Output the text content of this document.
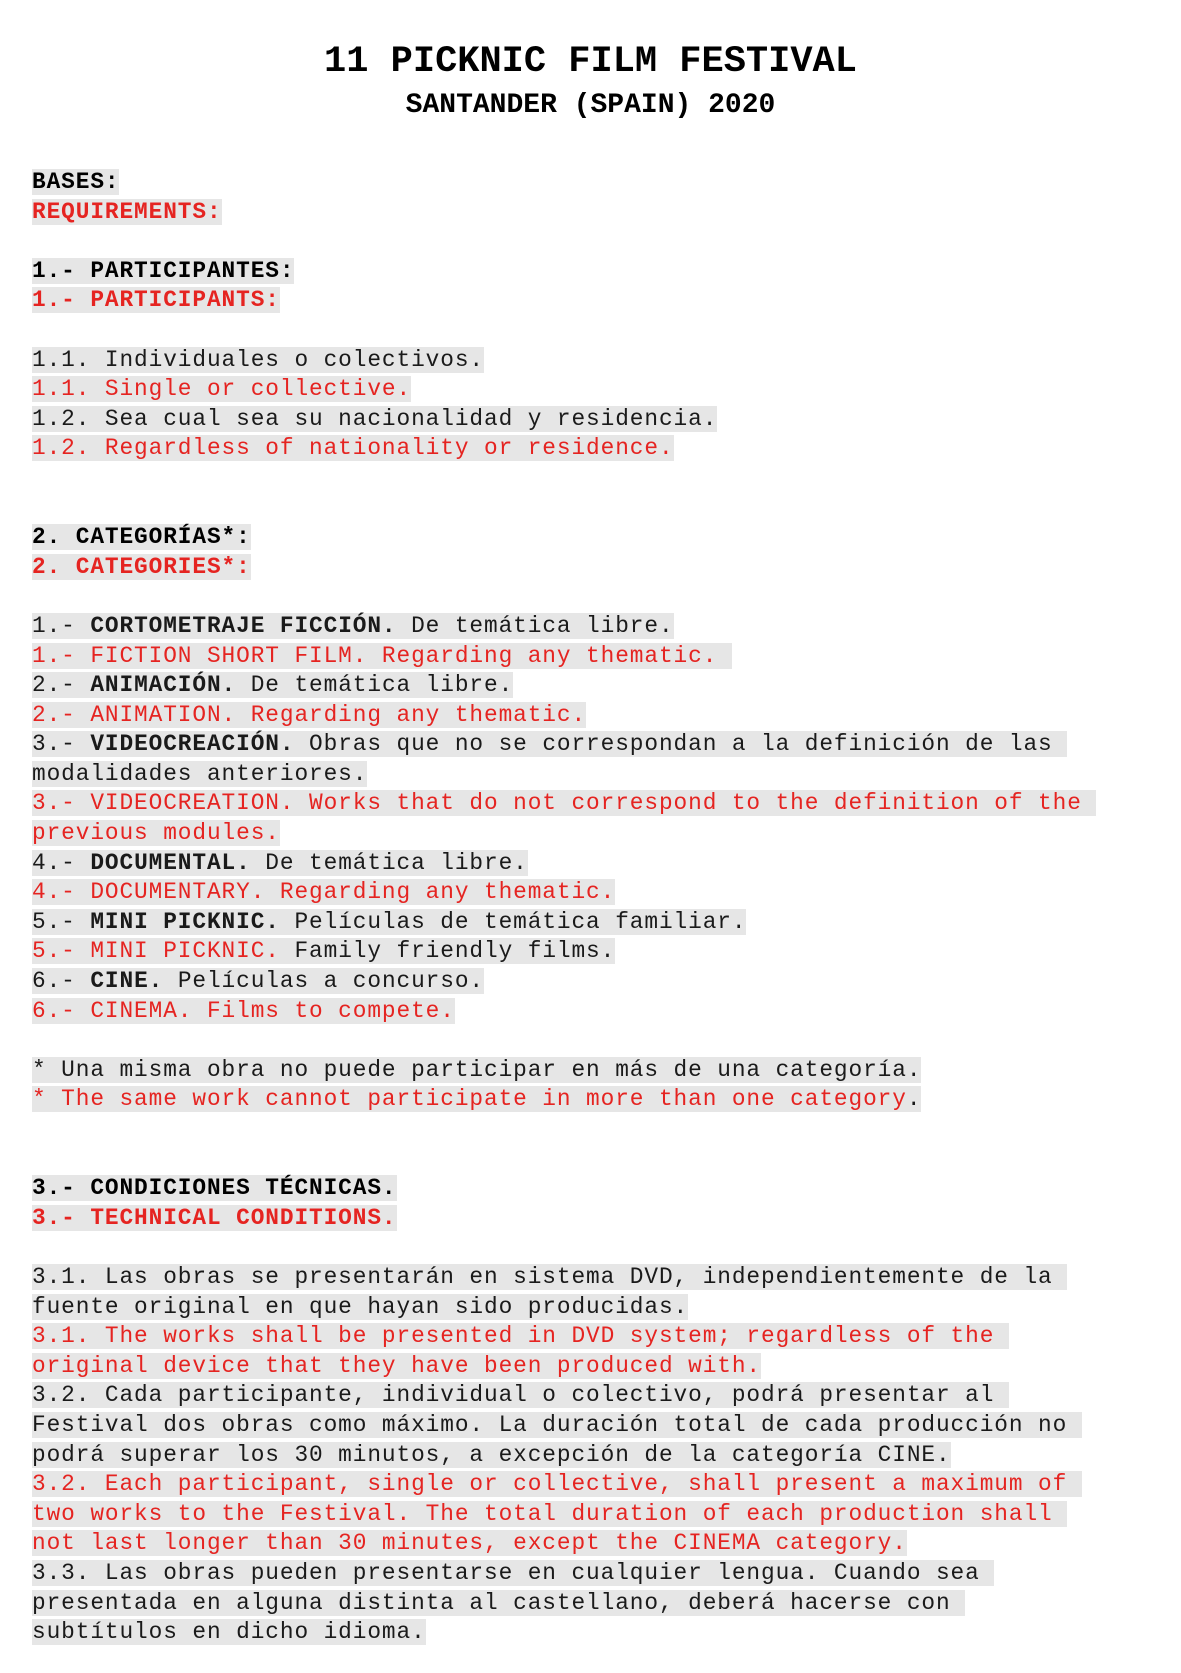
11 PICKNIC FILM FESTIVAL
SANTANDER (SPAIN) 2020
BASES:
REQUIREMENTS:
1.- PARTICIPANTES:
1.- PARTICIPANTS:
1.1. Individuales o colectivos.
1.1. Single or collective.
1.2. Sea cual sea su nacionalidad y residencia.
1.2. Regardless of nationality or residence.
2. CATEGORÍAS*:
2. CATEGORIES*:
1.- CORTOMETRAJE FICCIÓN. De temática libre.
1.- FICTION SHORT FILM. Regarding any thematic.
2.- ANIMACIÓN. De temática libre.
2.- ANIMATION. Regarding any thematic.
3.- VIDEOCREACIÓN. Obras que no se correspondan a la definición de las
modalidades anteriores.
3.- VIDEOCREATION. Works that do not correspond to the definition of the
previous modules.
4.- DOCUMENTAL. De temática libre.
4.- DOCUMENTARY. Regarding any thematic.
5.- MINI PICKNIC. Películas de temática familiar.
5.- MINI PICKNIC. Family friendly films.
6.- CINE. Películas a concurso.
6.- CINEMA. Films to compete.
* Una misma obra no puede participar en más de una categoría.
* The same work cannot participate in more than one category.
3.- CONDICIONES TÉCNICAS.
3.- TECHNICAL CONDITIONS.
3.1. Las obras se presentarán en sistema DVD, independientemente de la
fuente original en que hayan sido producidas.
3.1. The works shall be presented in DVD system; regardless of the
original device that they have been produced with.
3.2. Cada participante, individual o colectivo, podrá presentar al
Festival dos obras como máximo. La duración total de cada producción no
podrá superar los 30 minutos, a excepción de la categoría CINE.
3.2. Each participant, single or collective, shall present a maximum of
two works to the Festival. The total duration of each production shall
not last longer than 30 minutes, except the CINEMA category.
3.3. Las obras pueden presentarse en cualquier lengua. Cuando sea
presentada en alguna distinta al castellano, deberá hacerse con
subtítulos en dicho idioma.
